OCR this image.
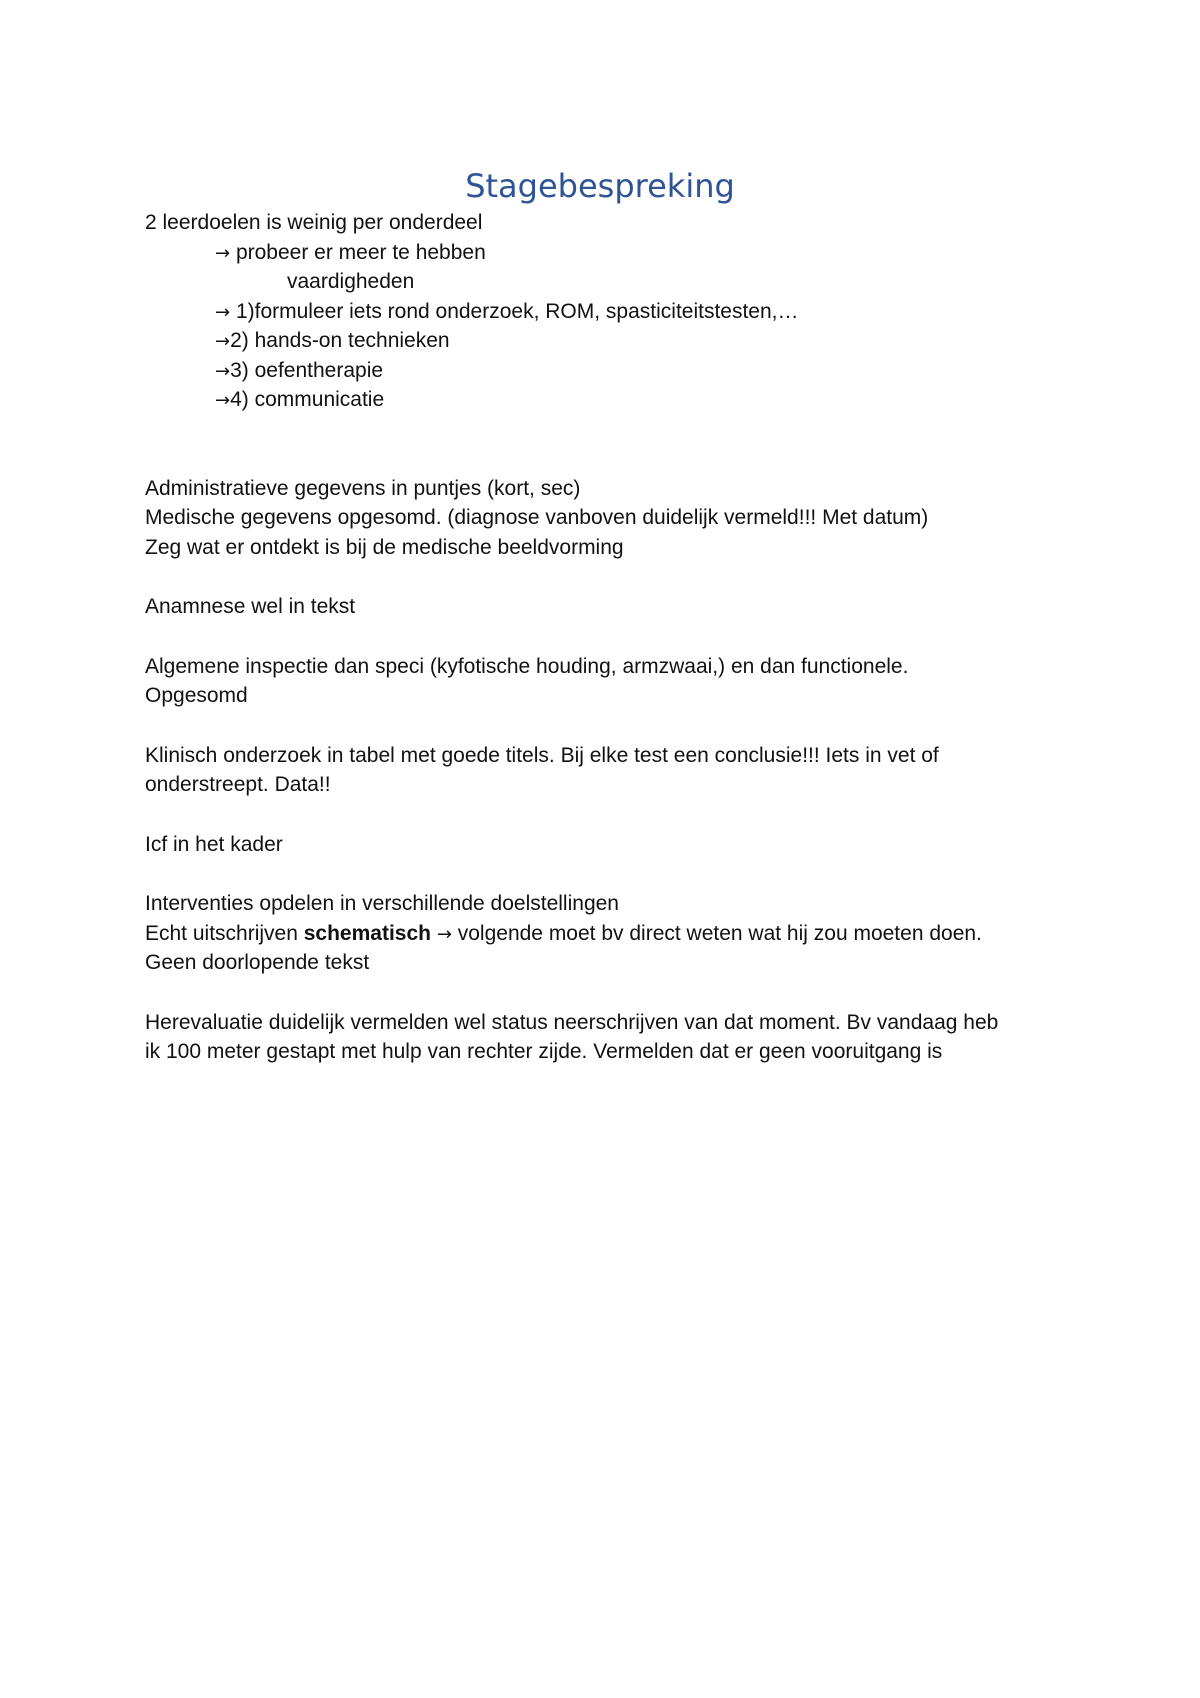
Stagebespreking
2 leerdoelen is weinig per onderdeel
→ probeer er meer te hebben
vaardigheden
→ 1)formuleer iets rond onderzoek, ROM, spasticiteitstesten,…
→2) hands-on technieken
→3) oefentherapie
→4) communicatie
Administratieve gegevens in puntjes (kort, sec)
Medische gegevens opgesomd. (diagnose vanboven duidelijk vermeld!!! Met datum)
Zeg wat er ontdekt is bij de medische beeldvorming
Anamnese wel in tekst
Algemene inspectie dan speci (kyfotische houding, armzwaai,) en dan functionele.
Opgesomd
Klinisch onderzoek in tabel met goede titels. Bij elke test een conclusie!!! Iets in vet of
onderstreept. Data!!
Icf in het kader
Interventies opdelen in verschillende doelstellingen
Echt uitschrijven schematisch → volgende moet bv direct weten wat hij zou moeten doen.
Geen doorlopende tekst
Herevaluatie duidelijk vermelden wel status neerschrijven van dat moment. Bv vandaag heb
ik 100 meter gestapt met hulp van rechter zijde. Vermelden dat er geen vooruitgang is
